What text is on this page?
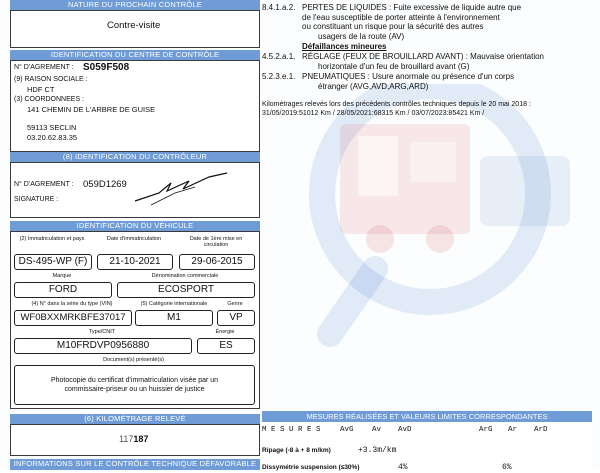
NATURE DU PROCHAIN CONTRÔLE
Contre-visite
IDENTIFICATION DU CENTRE DE CONTRÔLE
N° D'AGREMENT : S059F508
(9) RAISON SOCIALE :
HDF CT
(3) COORDONNEES :
141 CHEMIN DE L'ARBRE DE GUISE
59113 SECLIN
03.20.62.83.35
(8) IDENTIFICATION DU CONTRÔLEUR
N° D'AGREMENT : 059D1269
SIGNATURE :
IDENTIFICATION DU VÉHICULE
(2) Immatriculation et pays	Date d'immatriculation	Date de 1ère mise en circulation
DS-495-WP (F)	21-10-2021	29-06-2015
Marque	Dénomination commerciale
FORD	ECOSPORT
(4) N° dans la série du type (VIN)	(5) Catégorie internationale	Genre
WF0BXXMRKBFE37017	M1	VP
Type/CNIT	Énergie
M10FRDVP0956880	ES
Document(s) présenté(s)
Photocopie du certificat d'immatriculation visée par un
commissaire-priseur ou un huissier de justice
(6) KILOMÉTRAGE RELEVÉ
117187
INFORMATIONS SUR LE CONTRÔLE TECHNIQUE DÉFAVORABLE
8.4.1.a.2. PERTES DE LIQUIDES : Fuite excessive de liquide autre que
de l'eau susceptible de porter atteinte à l'environnement
ou constituant un risque pour la sécurité des autres
usagers de la route (AV)
Défaillances mineures
4.5.2.a.1. RÉGLAGE (FEUX DE BROUILLARD AVANT) : Mauvaise orientation
horizontale d'un feu de brouillard avant (G)
5.2.3.e.1. PNEUMATIQUES : Usure anormale ou présence d'un corps
étranger (AVG,AVD,ARG,ARD)
Kilométrages relevés lors des précédents contrôles techniques depuis le 20 mai 2018 :
31/05/2019:51012 Km / 28/05/2021:68315 Km / 03/07/2023:85421 Km /
MESURES RÉALISÉES ET VALEURS LIMITES CORRESPONDANTES
M E S U R E S	AvG Av AvD	ArG Ar ArD
Ripage (-8 à + 8 m/km)	+3.3m/km
Dissymétrie suspension (≤30%)	4%	6%
